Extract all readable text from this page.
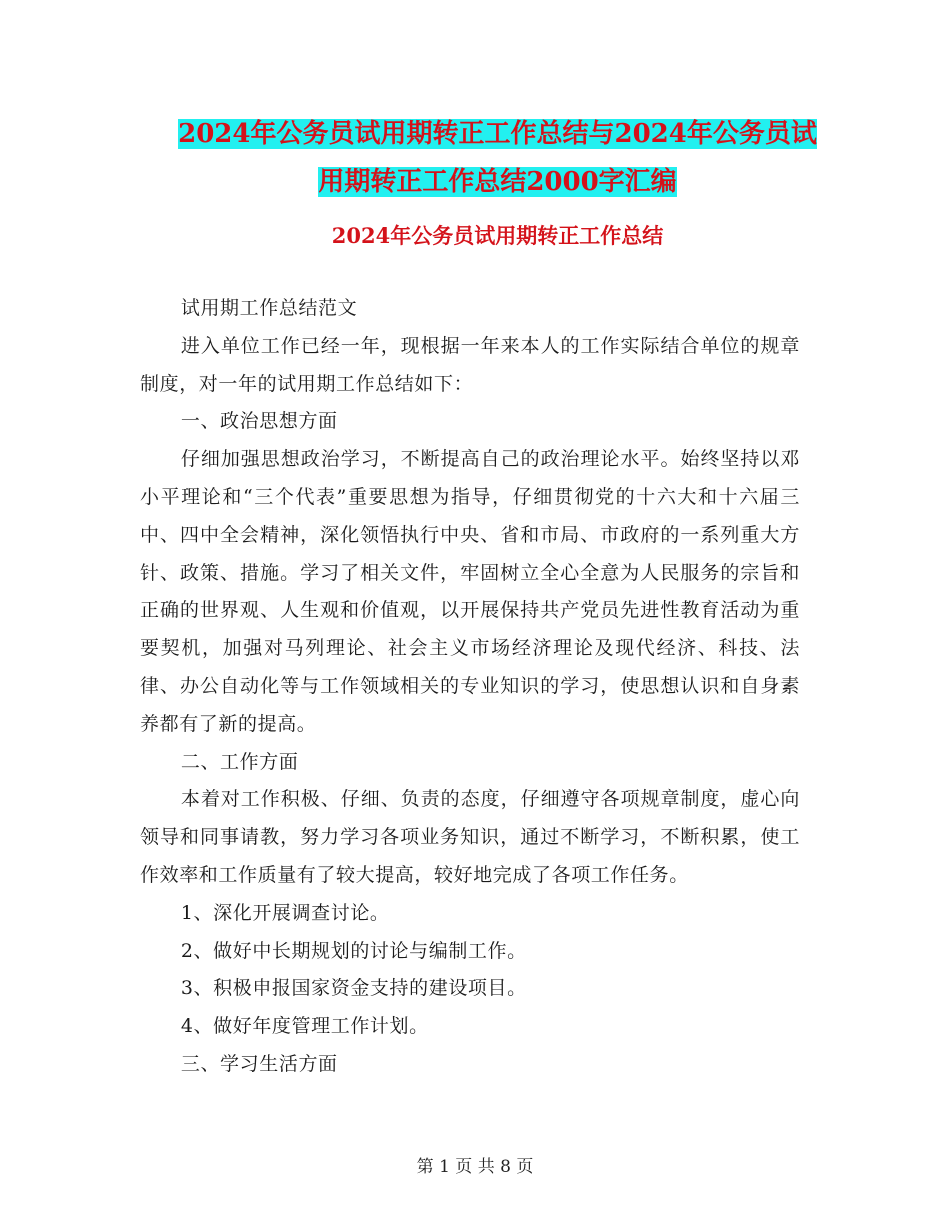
2024年公务员试用期转正工作总结与2024年公务员试
用期转正工作总结2000字汇编
2024年公务员试用期转正工作总结

试用期工作总结范文

进入单位工作已经一年，现根据一年来本人的工作实际结合单位的规章制度，对一年的试用期工作总结如下：

一、政治思想方面

仔细加强思想政治学习，不断提高自己的政治理论水平。始终坚持以邓小平理论和“三个代表”重要思想为指导，仔细贯彻党的十六大和十六届三中、四中全会精神，深化领悟执行中央、省和市局、市政府的一系列重大方针、政策、措施。学习了相关文件，牢固树立全心全意为人民服务的宗旨和正确的世界观、人生观和价值观，以开展保持共产党员先进性教育活动为重要契机，加强对马列理论、社会主义市场经济理论及现代经济、科技、法律、办公自动化等与工作领域相关的专业知识的学习，使思想认识和自身素养都有了新的提高。

二、工作方面

本着对工作积极、仔细、负责的态度，仔细遵守各项规章制度，虚心向领导和同事请教，努力学习各项业务知识，通过不断学习，不断积累，使工作效率和工作质量有了较大提高，较好地完成了各项工作任务。

1、深化开展调查讨论。

2、做好中长期规划的讨论与编制工作。

3、积极申报国家资金支持的建设项目。

4、做好年度管理工作计划。

三、学习生活方面

第 1 页 共 8 页
